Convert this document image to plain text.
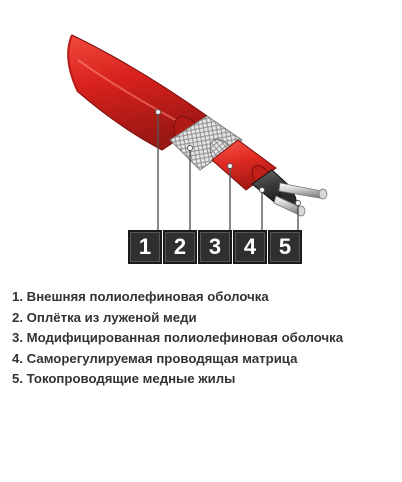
1	2	3	4	5
1. Внешняя полиолефиновая оболочка
2. Оплётка из луженой меди
3. Модифицированная полиолефиновая оболочка
4. Саморегулируемая проводящая матрица
5. Токопроводящие медные жилы
